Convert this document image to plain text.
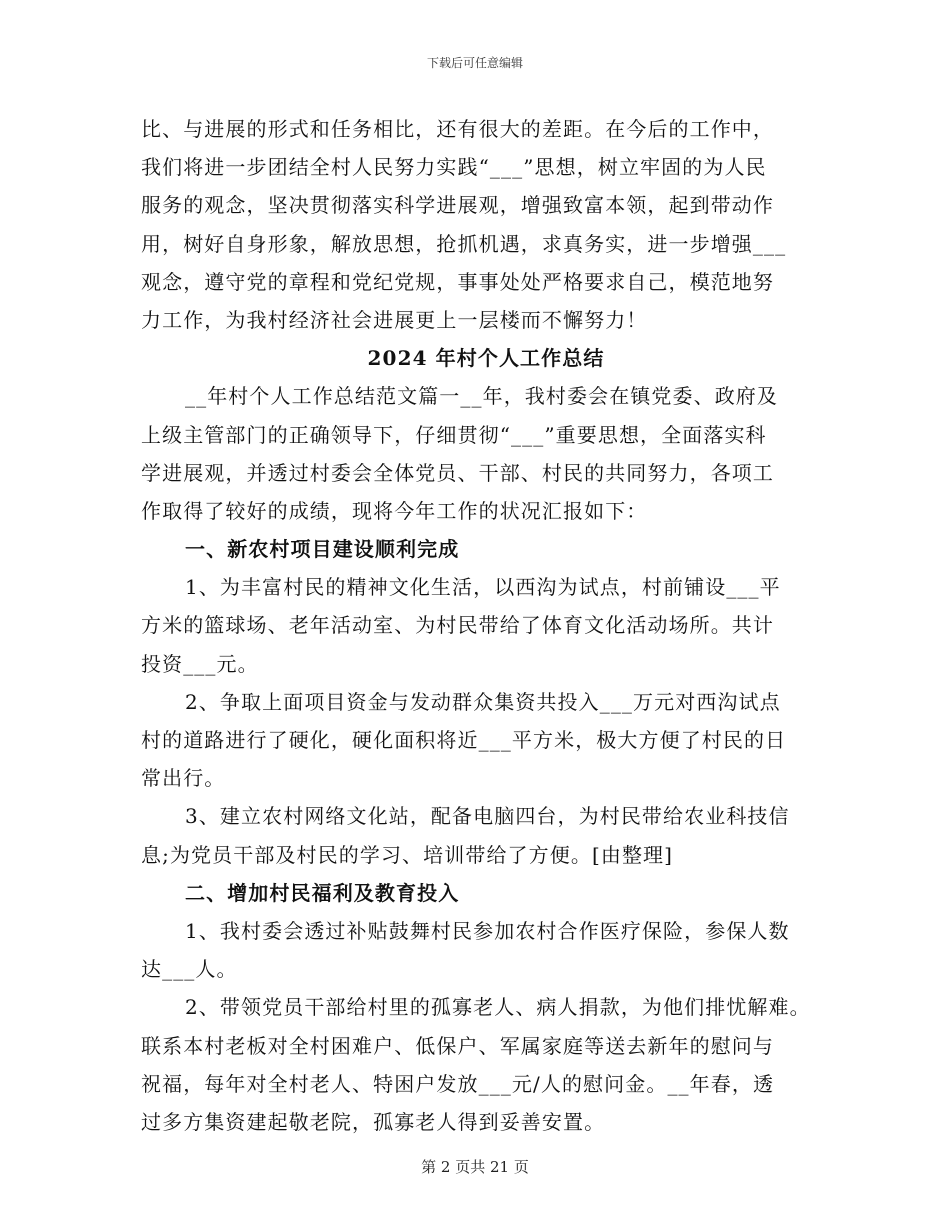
下载后可任意编辑
比、与进展的形式和任务相比，还有很大的差距。在今后的工作中，
我们将进一步团结全村人民努力实践“___”思想，树立牢固的为人民
服务的观念，坚决贯彻落实科学进展观，增强致富本领，起到带动作
用，树好自身形象，解放思想，抢抓机遇，求真务实，进一步增强___
观念，遵守党的章程和党纪党规，事事处处严格要求自己，模范地努
力工作，为我村经济社会进展更上一层楼而不懈努力！
2024 年村个人工作总结
__年村个人工作总结范文篇一__年，我村委会在镇党委、政府及
上级主管部门的正确领导下，仔细贯彻“___”重要思想，全面落实科
学进展观，并透过村委会全体党员、干部、村民的共同努力，各项工
作取得了较好的成绩，现将今年工作的状况汇报如下：
一、新农村项目建设顺利完成
1、为丰富村民的精神文化生活，以西沟为试点，村前铺设___平
方米的篮球场、老年活动室、为村民带给了体育文化活动场所。共计
投资___元。
2、争取上面项目资金与发动群众集资共投入___万元对西沟试点
村的道路进行了硬化，硬化面积将近___平方米，极大方便了村民的日
常出行。
3、建立农村网络文化站，配备电脑四台，为村民带给农业科技信
息;为党员干部及村民的学习、培训带给了方便。[由整理]
二、增加村民福利及教育投入
1、我村委会透过补贴鼓舞村民参加农村合作医疗保险，参保人数
达___人。
2、带领党员干部给村里的孤寡老人、病人捐款，为他们排忧解难。
联系本村老板对全村困难户、低保户、军属家庭等送去新年的慰问与
祝福，每年对全村老人、特困户发放___元/人的慰问金。__年春，透
过多方集资建起敬老院，孤寡老人得到妥善安置。
第 2 页共 21 页
